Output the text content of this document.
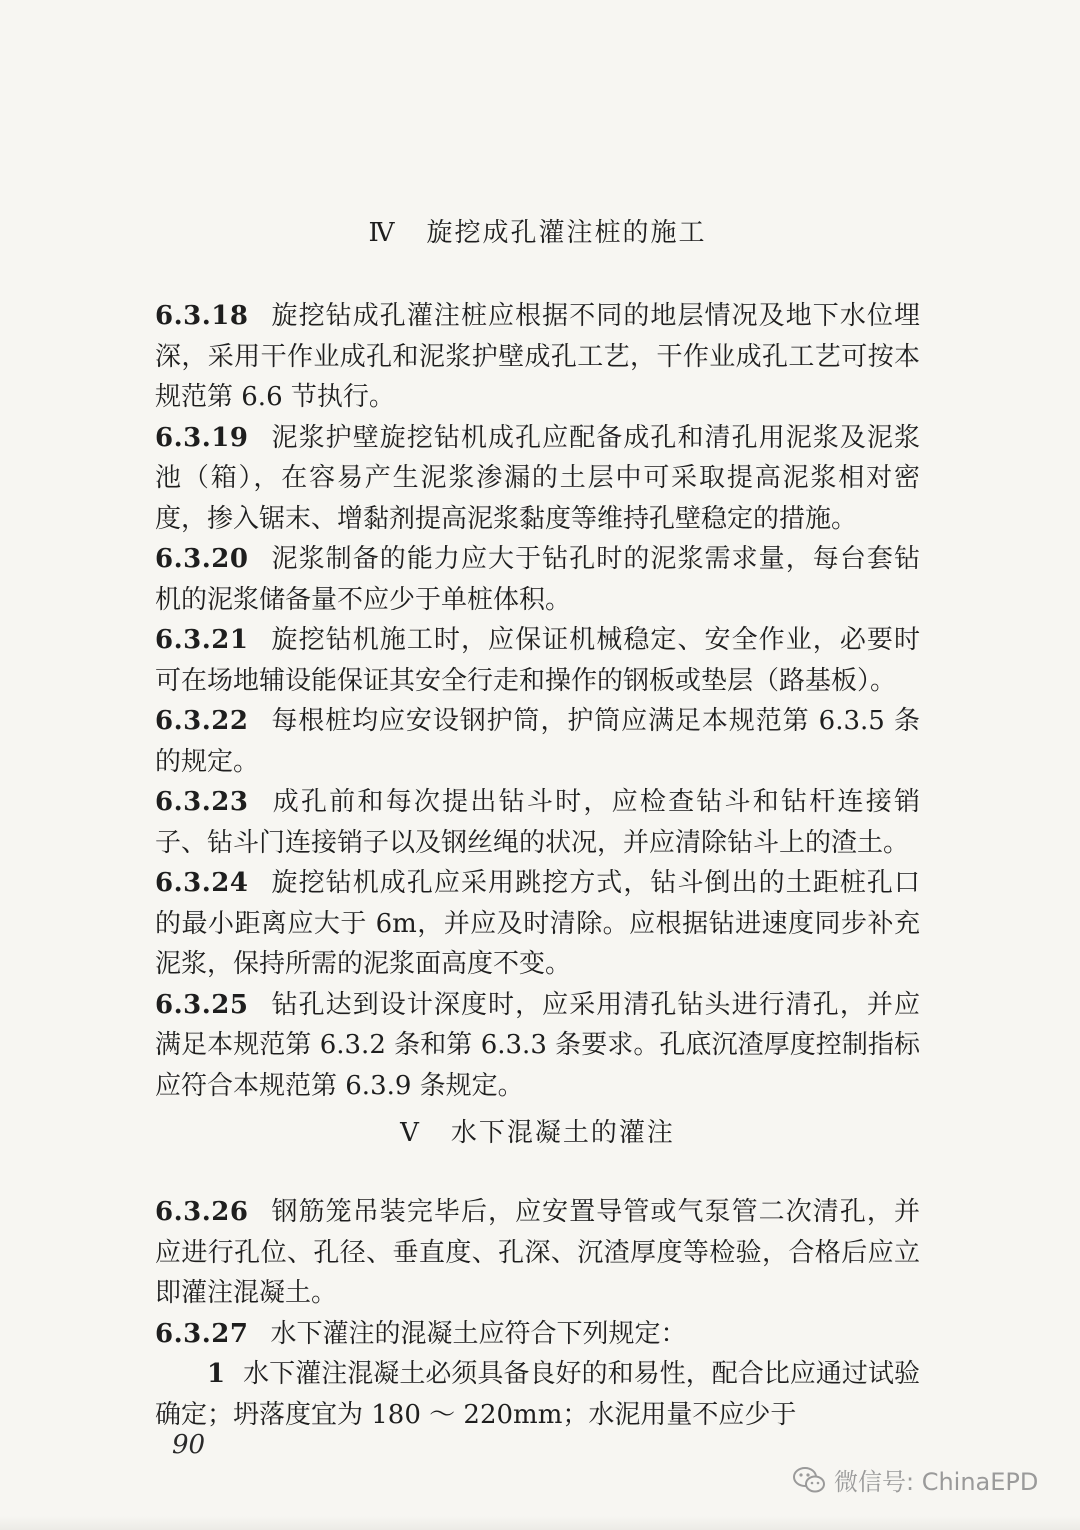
Ⅳ 旋挖成孔灌注桩的施工

6.3.18 旋挖钻成孔灌注桩应根据不同的地层情况及地下水位埋深，采用干作业成孔和泥浆护壁成孔工艺，干作业成孔工艺可按本规范第 6.6 节执行。

6.3.19 泥浆护壁旋挖钻机成孔应配备成孔和清孔用泥浆及泥浆池（箱），在容易产生泥浆渗漏的土层中可采取提高泥浆相对密度，掺入锯末、增黏剂提高泥浆黏度等维持孔壁稳定的措施。

6.3.20 泥浆制备的能力应大于钻孔时的泥浆需求量，每台套钻机的泥浆储备量不应少于单桩体积。

6.3.21 旋挖钻机施工时，应保证机械稳定、安全作业，必要时可在场地辅设能保证其安全行走和操作的钢板或垫层（路基板）。

6.3.22 每根桩均应安设钢护筒，护筒应满足本规范第 6.3.5 条的规定。

6.3.23 成孔前和每次提出钻斗时，应检查钻斗和钻杆连接销子、钻斗门连接销子以及钢丝绳的状况，并应清除钻斗上的渣土。

6.3.24 旋挖钻机成孔应采用跳挖方式，钻斗倒出的土距桩孔口的最小距离应大于 6m，并应及时清除。应根据钻进速度同步补充泥浆，保持所需的泥浆面高度不变。

6.3.25 钻孔达到设计深度时，应采用清孔钻头进行清孔，并应满足本规范第 6.3.2 条和第 6.3.3 条要求。孔底沉渣厚度控制指标应符合本规范第 6.3.9 条规定。

Ⅴ 水下混凝土的灌注

6.3.26 钢筋笼吊装完毕后，应安置导管或气泵管二次清孔，并应进行孔位、孔径、垂直度、孔深、沉渣厚度等检验，合格后应立即灌注混凝土。

6.3.27 水下灌注的混凝土应符合下列规定：

1 水下灌注混凝土必须具备良好的和易性，配合比应通过试验确定；坍落度宜为 180 ～ 220mm；水泥用量不应少于

90
微信号: ChinaEPD
